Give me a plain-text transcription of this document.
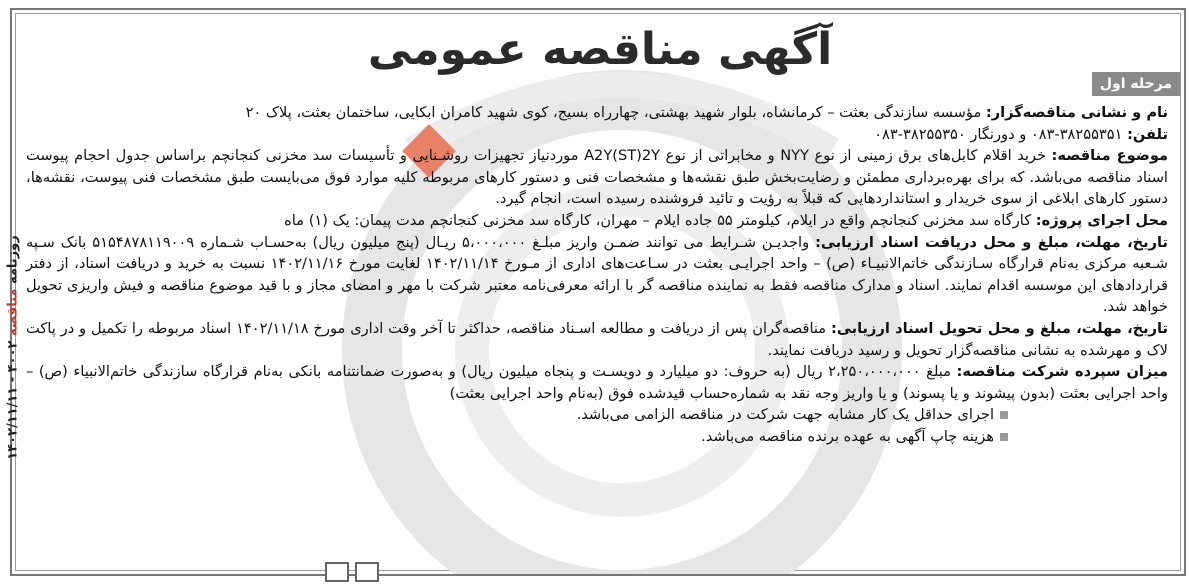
آگهی مناقصه عمومی
مرحله اول

نام و نشانی مناقصه‌گزار: مؤسسه سازندگی بعثت – کرمانشاه، بلوار شهید بهشتی، چهارراه بسیج، کوی شهید کامران ابکایی، ساختمان بعثت، پلاک ۲۰

تلفن: ۳۸۲۵۵۳۵۱-۰۸۳ و دورنگار ۳۸۲۵۵۳۵۰-۰۸۳

موضوع مناقصه: خرید اقلام کابل‌های برق زمینی از نوع NYY و مخابراتی از نوع A2Y(ST)2Y موردنیاز تجهیزات روشـنایی و تأسیسات سد مخزنی کنجانچم براساس جدول احجام پیوست اسناد مناقصه می‌باشد. که برای بهره‌برداری مطمئن و رضایت‌بخش طبق نقشه‌ها و مشخصات فنی و دستور کارهای مربوطه کلیه موارد فوق می‌بایست طبق مشخصات فنی پیوست، نقشه‌ها، دستور کارهای ابلاغی از سوی خریدار و استانداردهایی که قبلاً به رؤیت و تائید فروشنده رسیده است، انجام گیرد.

محل اجرای پروژه: کارگاه سد مخزنی کنجانچم واقع در ایلام، کیلومتر ۵۵ جاده ایلام – مهران، کارگاه سد مخزنی کنجانچم مدت پیمان: یک (۱) ماه

تاریخ، مهلت، مبلغ و محل دریافت اسناد ارزیابی: واجدیـن شـرایط می توانند ضمـن واریز مبلـغ ۵،۰۰۰،۰۰۰ ریـال (پنج میلیون ریال) به‌حسـاب شـماره ۵۱۵۴۸۷۸۱۱۹۰۰۹ بانک سـپه شـعبه مرکزی به‌نام قرارگاه سـازندگی خاتم‌الانبیـاء (ص) – واحد اجرایـی بعثت در سـاعت‌های اداری از مـورخ ۱۴۰۲/۱۱/۱۴ لغایت مورخ ۱۴۰۲/۱۱/۱۶ نسبت به خرید و دریافت اسناد، از دفتر قراردادهای این موسسه اقدام نمایند. اسناد و مدارک مناقصه فقط به نماینده مناقصه گر با ارائه معرفی‌نامه معتبر شرکت با مهر و امضای مجاز و با قید موضوع مناقصه و فیش واریزی تحویل خواهد شد.

تاریخ، مهلت، مبلغ و محل تحویل اسناد ارزیابی: مناقصه‌گران پس از دریافت و مطالعه اسـناد مناقصه، حداکثر تا آخر وقت اداری مورخ ۱۴۰۲/۱۱/۱۸ اسناد مربوطه را تکمیل و در پاکت لاک و مهرشده به نشانی مناقصه‌گزار تحویل و رسید دریافت نمایند.

میزان سپرده شرکت مناقصه: مبلغ ۲،۲۵۰،۰۰۰،۰۰۰ ریال (به حروف: دو میلیارد و دویسـت و پنجاه میلیون ریال) و به‌صورت ضمانتنامه بانکی به‌نام قرارگاه سازندگی خاتم‌الانبیاء (ص) – واحد اجرایی بعثت (بدون پیشوند و یا پسوند) و یا واریز وجه نقد به شماره‌حساب قیدشده فوق (به‌نام واحد اجرایی بعثت)

اجرای حداقل یک کار مشابه جهت شرکت در مناقصه الزامی می‌باشد.

هزینه چاپ آگهی به عهده برنده مناقصه می‌باشد.

روزنامه مناقصه ۴۰۰۲ - ۱۴۰۲/۱۱/۱۱
